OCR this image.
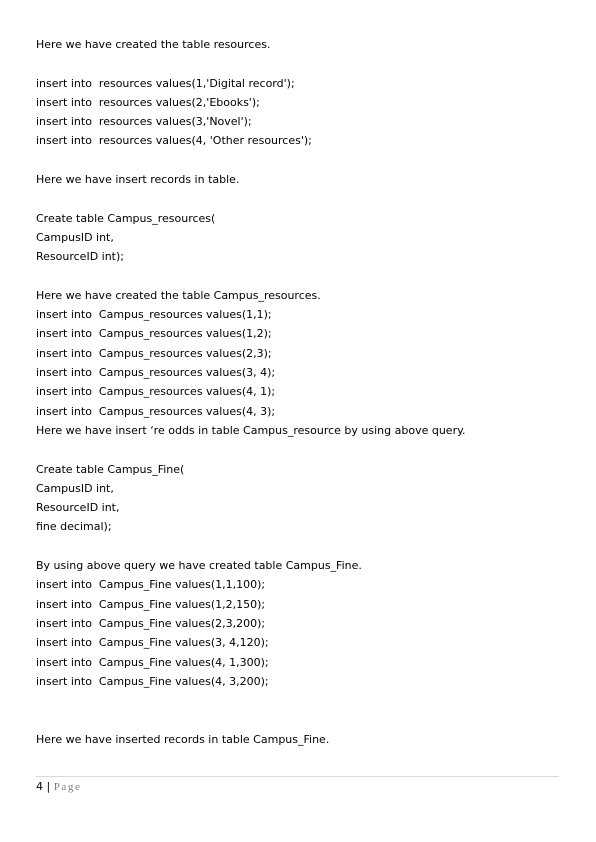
Here we have created the table resources.
insert into  resources values(1,'Digital record');
insert into  resources values(2,'Ebooks');
insert into  resources values(3,'Novel');
insert into  resources values(4, 'Other resources');
Here we have insert records in table.
Create table Campus_resources(
CampusID int,
ResourceID int);
Here we have created the table Campus_resources.
insert into  Campus_resources values(1,1);
insert into  Campus_resources values(1,2);
insert into  Campus_resources values(2,3);
insert into  Campus_resources values(3, 4);
insert into  Campus_resources values(4, 1);
insert into  Campus_resources values(4, 3);
Here we have insert ‘re odds in table Campus_resource by using above query.
Create table Campus_Fine(
CampusID int,
ResourceID int,
fine decimal);
By using above query we have created table Campus_Fine.
insert into  Campus_Fine values(1,1,100);
insert into  Campus_Fine values(1,2,150);
insert into  Campus_Fine values(2,3,200);
insert into  Campus_Fine values(3, 4,120);
insert into  Campus_Fine values(4, 1,300);
insert into  Campus_Fine values(4, 3,200);
Here we have inserted records in table Campus_Fine.
4 | Page
